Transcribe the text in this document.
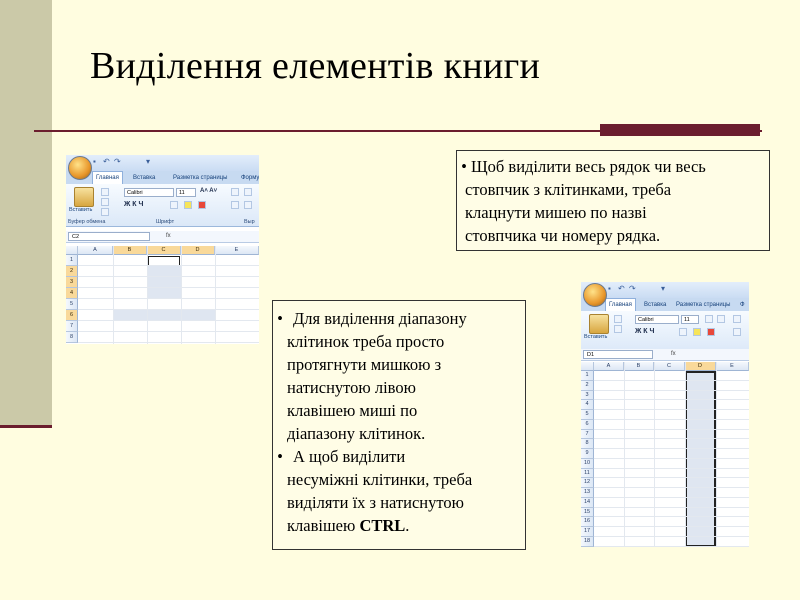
Виділення елементів книги
▪ ↶ ↷	▾
Главная	Вставка	Разметка страницы	Форму
Вставить
Calibri	11	A˄ A˅
Ж К Ч
Буфер обмена	Шрифт	Выр
C2	fx
A	B	C	D	E
1
2
3
4
5
6
7
8
• Щоб виділити весь рядок чи весь
стовпчик з клітинками, треба
клацнути мишею по назві
стовпчика чи номеру рядка.
• Для виділення діапазону
клітинок треба просто
протягнути мишкою з
натиснутою лівою
клавішею миші по
діапазону клітинок.
• А щоб виділити
несуміжні клітинки, треба
виділяти їх з натиснутою
клавішею CTRL.
▪ ↶ ↷	▾
Главная	Вставка	Разметка страницы	Ф
Вставить
Calibri	11
Ж К Ч
D1	fx
A	B	C	D	E
1
2
3
4
5
6
7
8
9
10
11
12
13
14
15
16
17
18
